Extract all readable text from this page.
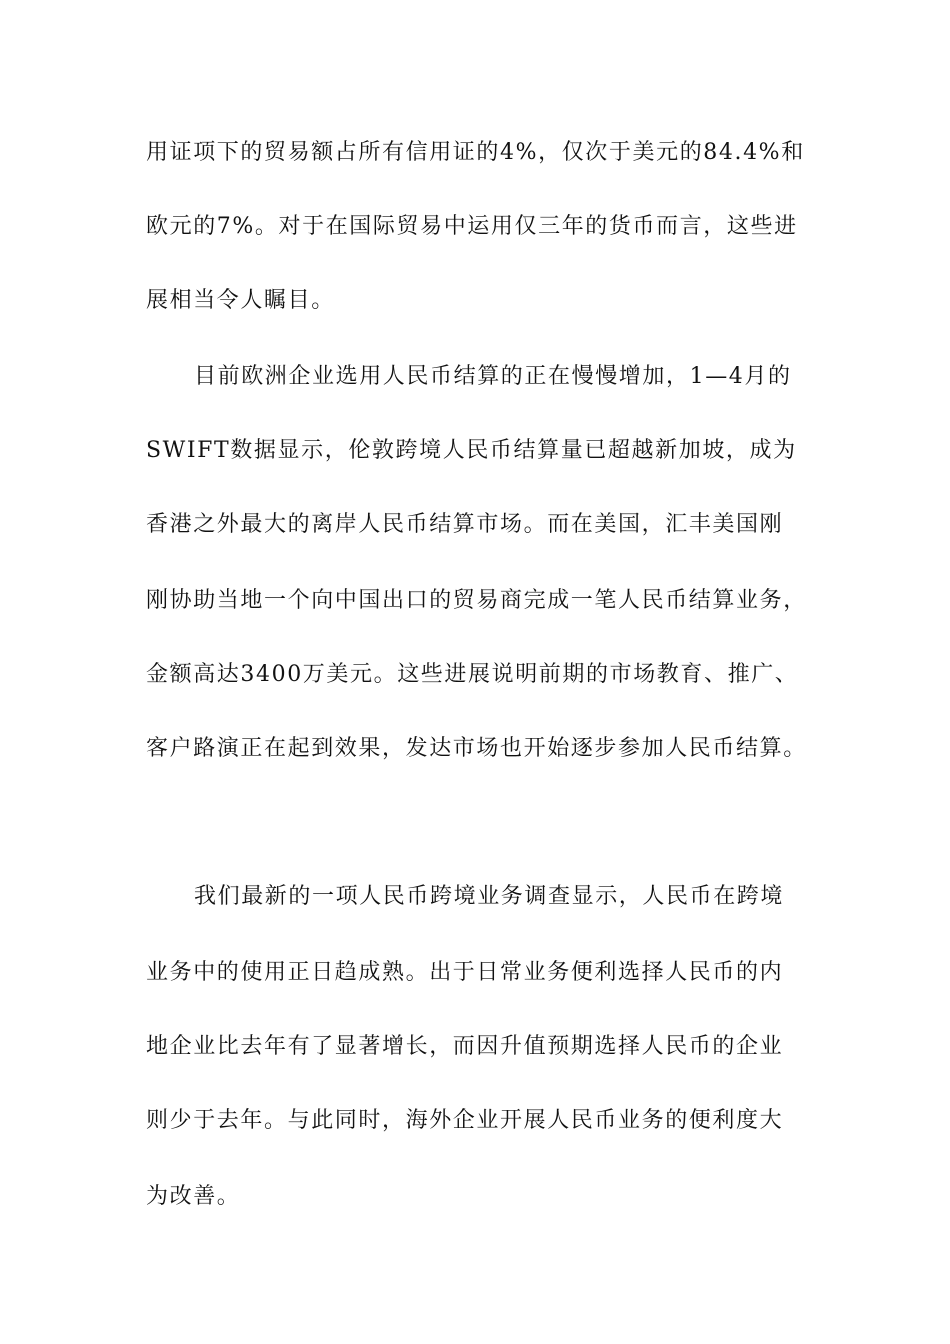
用证项下的贸易额占所有信用证的4%，仅次于美元的84.4%和
欧元的7%。对于在国际贸易中运用仅三年的货币而言，这些进
展相当令人瞩目。
目前欧洲企业选用人民币结算的正在慢慢增加，1—4月的
SWIFT数据显示，伦敦跨境人民币结算量已超越新加坡，成为
香港之外最大的离岸人民币结算市场。而在美国，汇丰美国刚
刚协助当地一个向中国出口的贸易商完成一笔人民币结算业务，
金额高达3400万美元。这些进展说明前期的市场教育、推广、
客户路演正在起到效果，发达市场也开始逐步参加人民币结算。
我们最新的一项人民币跨境业务调查显示，人民币在跨境
业务中的使用正日趋成熟。出于日常业务便利选择人民币的内
地企业比去年有了显著增长，而因升值预期选择人民币的企业
则少于去年。与此同时，海外企业开展人民币业务的便利度大
为改善。
